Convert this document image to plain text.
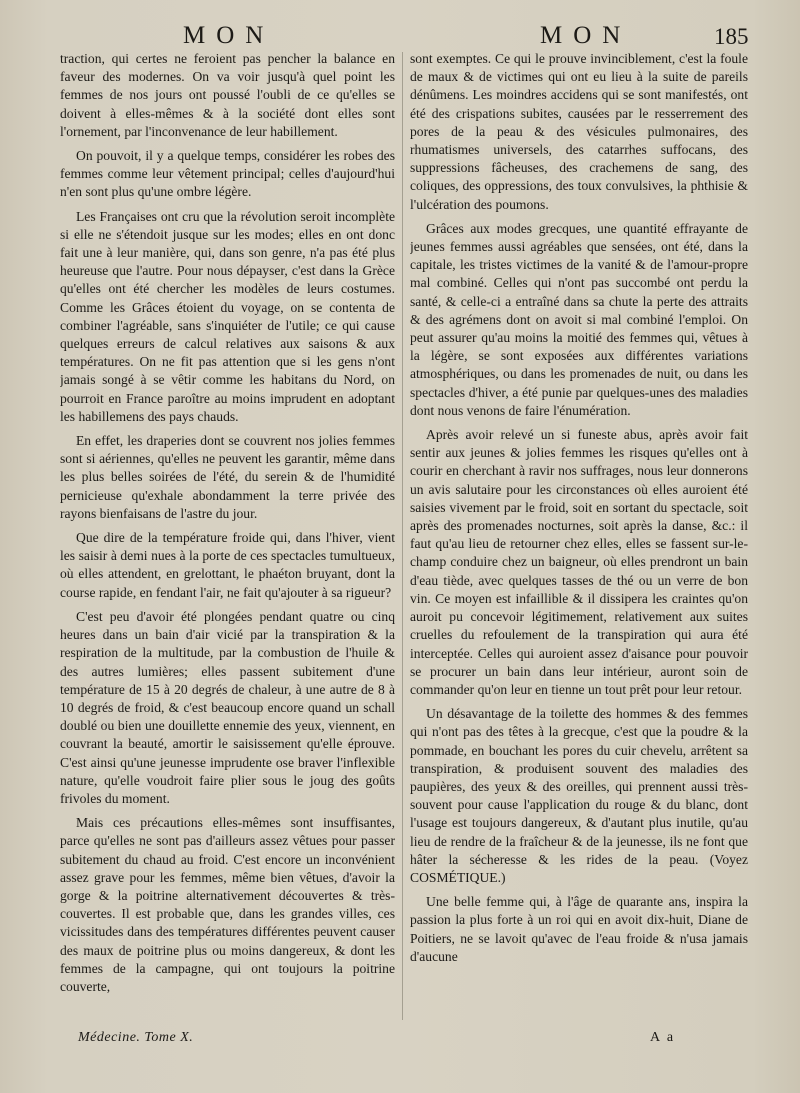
MON	MON	185

traction, qui certes ne feroient pas pencher la balance en faveur des modernes. On va voir jusqu'à quel point les femmes de nos jours ont poussé l'oubli de ce qu'elles se doivent à elles-mêmes & à la société dont elles sont l'ornement, par l'inconvenance de leur habillement.

On pouvoit, il y a quelque temps, considérer les robes des femmes comme leur vêtement principal; celles d'aujourd'hui n'en sont plus qu'une ombre légère.

Les Françaises ont cru que la révolution seroit incomplète si elle ne s'étendoit jusque sur les modes; elles en ont donc fait une à leur manière, qui, dans son genre, n'a pas été plus heureuse que l'autre. Pour nous dépayser, c'est dans la Grèce qu'elles ont été chercher les modèles de leurs costumes. Comme les Grâces étoient du voyage, on se contenta de combiner l'agréable, sans s'inquiéter de l'utile; ce qui cause quelques erreurs de calcul relatives aux saisons & aux températures. On ne fit pas attention que si les gens n'ont jamais songé à se vêtir comme les habitans du Nord, on pourroit en France paroître au moins imprudent en adoptant les habillemens des pays chauds.

En effet, les draperies dont se couvrent nos jolies femmes sont si aériennes, qu'elles ne peuvent les garantir, même dans les plus belles soirées de l'été, du serein & de l'humidité pernicieuse qu'exhale abondamment la terre privée des rayons bienfaisans de l'astre du jour.

Que dire de la température froide qui, dans l'hiver, vient les saisir à demi nues à la porte de ces spectacles tumultueux, où elles attendent, en grelottant, le phaéton bruyant, dont la course rapide, en fendant l'air, ne fait qu'ajouter à sa rigueur?

C'est peu d'avoir été plongées pendant quatre ou cinq heures dans un bain d'air vicié par la transpiration & la respiration de la multitude, par la combustion de l'huile & des autres lumières; elles passent subitement d'une température de 15 à 20 degrés de chaleur, à une autre de 8 à 10 degrés de froid, & c'est beaucoup encore quand un schall doublé ou bien une douillette ennemie des yeux, viennent, en couvrant la beauté, amortir le saisissement qu'elle éprouve. C'est ainsi qu'une jeunesse imprudente ose braver l'inflexible nature, qu'elle voudroit faire plier sous le joug des goûts frivoles du moment.

Mais ces précautions elles-mêmes sont insuffisantes, parce qu'elles ne sont pas d'ailleurs assez vêtues pour passer subitement du chaud au froid. C'est encore un inconvénient assez grave pour les femmes, même bien vêtues, d'avoir la gorge & la poitrine alternativement découvertes & très-couvertes. Il est probable que, dans les grandes villes, ces vicissitudes dans des températures différentes peuvent causer des maux de poitrine plus ou moins dangereux, & dont les femmes de la campagne, qui ont toujours la poitrine couverte,

sont exemptes. Ce qui le prouve invinciblement, c'est la foule de maux & de victimes qui ont eu lieu à la suite de pareils dénûmens. Les moindres accidens qui se sont manifestés, ont été des crispations subites, causées par le resserrement des pores de la peau & des vésicules pulmonaires, des rhumatismes universels, des catarrhes suffocans, des suppressions fâcheuses, des crachemens de sang, des coliques, des oppressions, des toux convulsives, la phthisie & l'ulcération des poumons.

Grâces aux modes grecques, une quantité effrayante de jeunes femmes aussi agréables que sensées, ont été, dans la capitale, les tristes victimes de la vanité & de l'amour-propre mal combiné. Celles qui n'ont pas succombé ont perdu la santé, & celle-ci a entraîné dans sa chute la perte des attraits & des agrémens dont on avoit si mal combiné l'emploi. On peut assurer qu'au moins la moitié des femmes qui, vêtues à la légère, se sont exposées aux différentes variations atmosphériques, ou dans les promenades de nuit, ou dans les spectacles d'hiver, a été punie par quelques-unes des maladies dont nous venons de faire l'énumération.

Après avoir relevé un si funeste abus, après avoir fait sentir aux jeunes & jolies femmes les risques qu'elles ont à courir en cherchant à ravir nos suffrages, nous leur donnerons un avis salutaire pour les circonstances où elles auroient été saisies vivement par le froid, soit en sortant du spectacle, soit après des promenades nocturnes, soit après la danse, &c.: il faut qu'au lieu de retourner chez elles, elles se fassent sur-le-champ conduire chez un baigneur, où elles prendront un bain d'eau tiède, avec quelques tasses de thé ou un verre de bon vin. Ce moyen est infaillible & il dissipera les craintes qu'on auroit pu concevoir légitimement, relativement aux suites cruelles du refoulement de la transpiration qui aura été interceptée. Celles qui auroient assez d'aisance pour pouvoir se procurer un bain dans leur intérieur, auront soin de commander qu'on leur en tienne un tout prêt pour leur retour.

Un désavantage de la toilette des hommes & des femmes qui n'ont pas des têtes à la grecque, c'est que la poudre & la pommade, en bouchant les pores du cuir chevelu, arrêtent sa transpiration, & produisent souvent des maladies des paupières, des yeux & des oreilles, qui prennent aussi très-souvent pour cause l'application du rouge & du blanc, dont l'usage est toujours dangereux, & d'autant plus inutile, qu'au lieu de rendre de la fraîcheur & de la jeunesse, ils ne font que hâter la sécheresse & les rides de la peau. (Voyez COSMÉTIQUE.)

Une belle femme qui, à l'âge de quarante ans, inspira la passion la plus forte à un roi qui en avoit dix-huit, Diane de Poitiers, ne se lavoit qu'avec de l'eau froide & n'usa jamais d'aucune

Médecine. Tome X.	A a
